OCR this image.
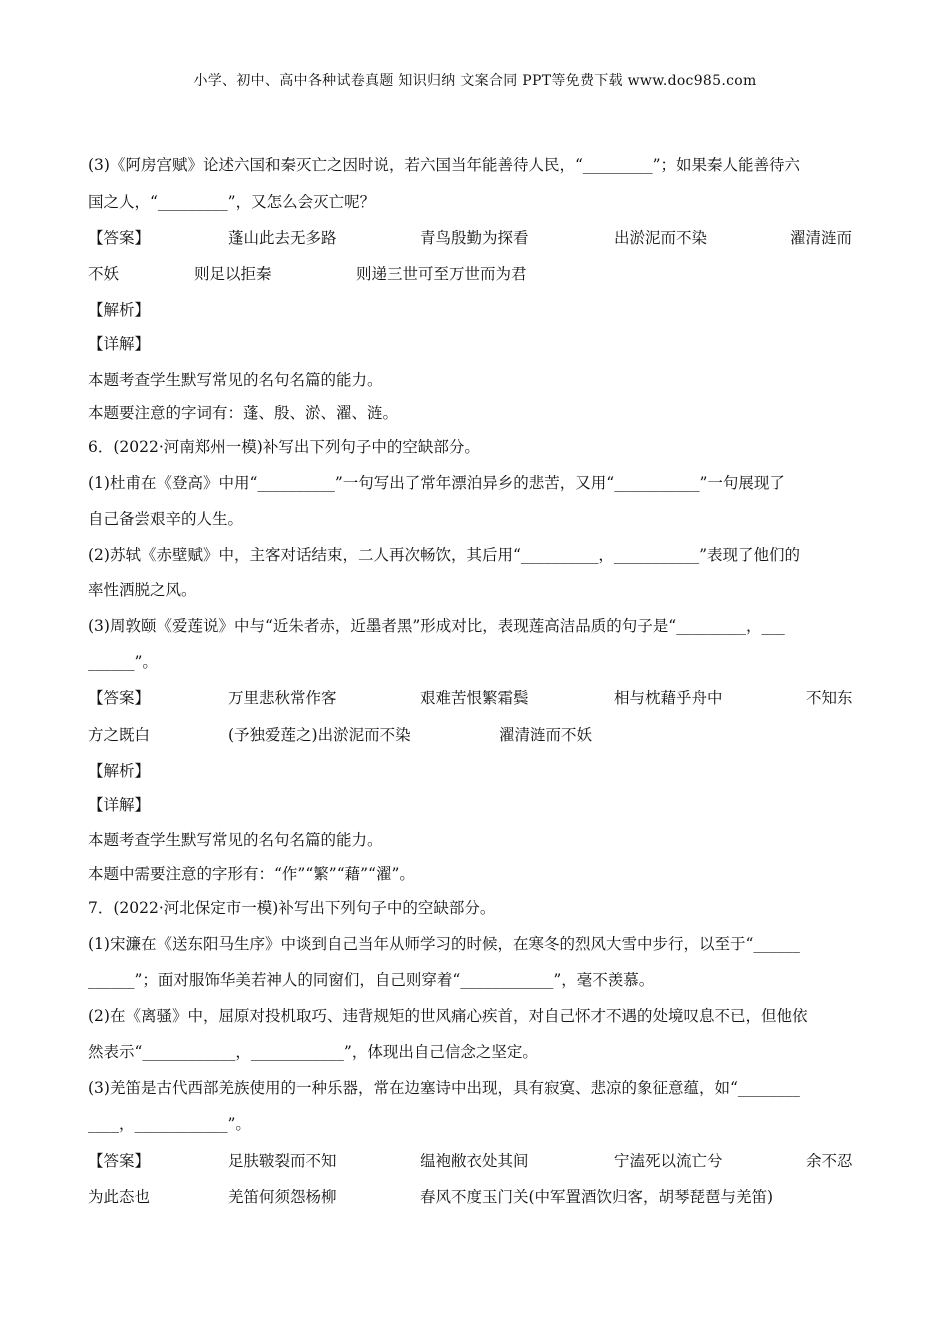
小学、初中、高中各种试卷真题 知识归纳 文案合同 PPT等免费下载 www.doc985.com
(3)《阿房宫赋》论述六国和秦灭亡之因时说，若六国当年能善待人民，“_________”；如果秦人能善待六
国之人，“_________”，又怎么会灭亡呢？
【答案】	蓬山此去无多路	青鸟殷勤为探看	出淤泥而不染	濯清涟而
不妖	则足以拒秦	则递三世可至万世而为君
【解析】
【详解】
本题考查学生默写常见的名句名篇的能力。
本题要注意的字词有：蓬、殷、淤、濯、涟。
6．(2022·河南郑州一模)补写出下列句子中的空缺部分。
(1)杜甫在《登高》中用“__________”一句写出了常年漂泊异乡的悲苦，又用“___________”一句展现了
自己备尝艰辛的人生。
(2)苏轼《赤壁赋》中，主客对话结束，二人再次畅饮，其后用“__________，___________”表现了他们的
率性洒脱之风。
(3)周敦颐《爱莲说》中与“近朱者赤，近墨者黑”形成对比，表现莲高洁品质的句子是“_________，___
______”。
【答案】	万里悲秋常作客	艰难苦恨繁霜鬓	相与枕藉乎舟中	不知东
方之既白	(予独爱莲之)出淤泥而不染	濯清涟而不妖
【解析】
【详解】
本题考查学生默写常见的名句名篇的能力。
本题中需要注意的字形有：“作”“繁”“藉”“濯”。
7．(2022·河北保定市一模)补写出下列句子中的空缺部分。
(1)宋濂在《送东阳马生序》中谈到自己当年从师学习的时候，在寒冬的烈风大雪中步行，以至于“______
______”；面对服饰华美若神人的同窗们，自己则穿着“____________”，毫不羡慕。
(2)在《离骚》中，屈原对投机取巧、违背规矩的世风痛心疾首，对自己怀才不遇的处境叹息不已，但他依
然表示“____________，____________”，体现出自己信念之坚定。
(3)羌笛是古代西部羌族使用的一种乐器，常在边塞诗中出现，具有寂寞、悲凉的象征意蕴，如“________
____，____________”。
【答案】	足肤皲裂而不知	缊袍敝衣处其间	宁溘死以流亡兮	余不忍
为此态也	羌笛何须怨杨柳	春风不度玉门关(中军置酒饮归客，胡琴琵琶与羌笛)
